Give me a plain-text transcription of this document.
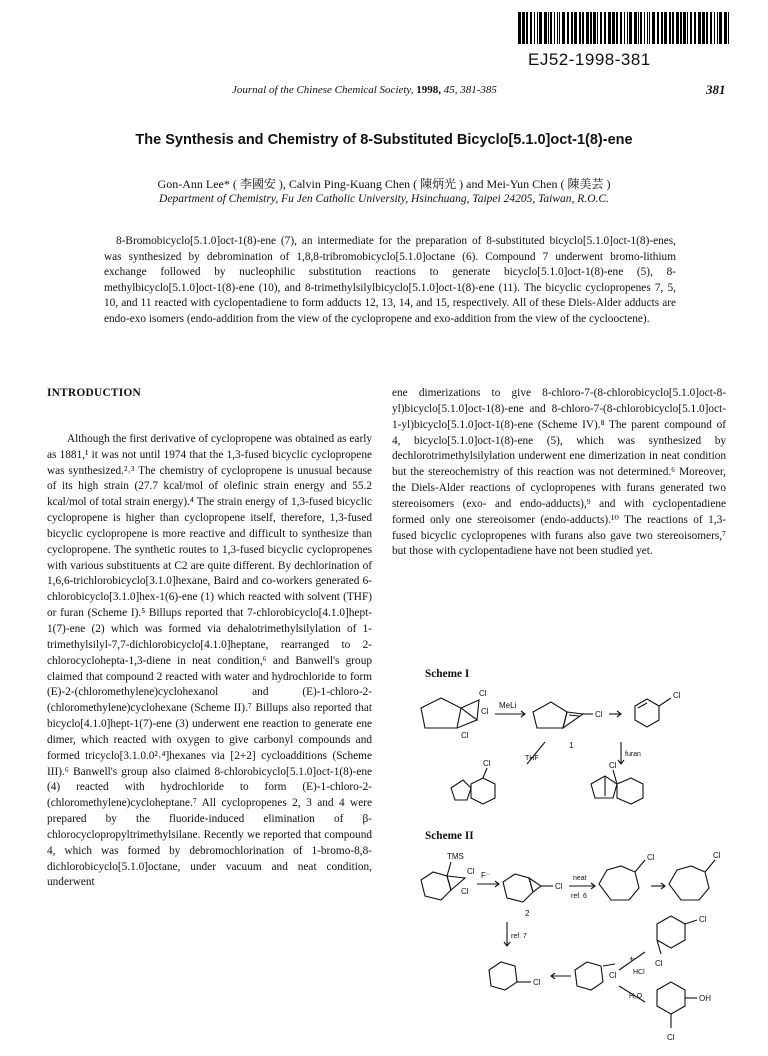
EJ52-1998-381
Journal of the Chinese Chemical Society, 1998, 45, 381-385	381
The Synthesis and Chemistry of 8-Substituted Bicyclo[5.1.0]oct-1(8)-ene
Gon-Ann Lee* ( 李國安 ), Calvin Ping-Kuang Chen ( 陳炳光 ) and Mei-Yun Chen ( 陳美芸 )
Department of Chemistry, Fu Jen Catholic University, Hsinchuang, Taipei 24205, Taiwan, R.O.C.

8-Bromobicyclo[5.1.0]oct-1(8)-ene (7), an intermediate for the preparation of 8-substituted bicyclo[5.1.0]oct-1(8)-enes, was synthesized by debromination of 1,8,8-tribromobicyclo[5.1.0]octane (6). Compound 7 underwent bromo-lithium exchange followed by nucleophilic substitution reactions to generate bicyclo[5.1.0]oct-1(8)-ene (5), 8-methylbicyclo[5.1.0]oct-1(8)-ene (10), and 8-trimethylsilylbicyclo[5.1.0]oct-1(8)-ene (11). The bicyclic cyclopropenes 7, 5, 10, and 11 reacted with cyclopentadiene to form adducts 12, 13, 14, and 15, respectively. All of these Diels-Alder adducts are endo-exo isomers (endo-addition from the view of the cyclopropene and exo-addition from the view of the cyclooctene).

INTRODUCTION

Although the first derivative of cyclopropene was obtained as early as 1881,¹ it was not until 1974 that the 1,3-fused bicyclic cyclopropene was synthesized.²˒³ The chemistry of cyclopropene is unusual because of its high strain (27.7 kcal/mol of olefinic strain energy and 55.2 kcal/mol of total strain energy).⁴ The strain energy of 1,3-fused bicyclic cyclopropene is higher than cyclopropene itself, therefore, 1,3-fused bicyclic cyclopropene is more reactive and difficult to synthesize than cyclopropene. The synthetic routes to 1,3-fused bicyclic cyclopropenes with various substituents at C2 are quite different. By dechlorination of 1,6,6-trichlorobicyclo[3.1.0]hexane, Baird and co-workers generated 6-chlorobicyclo[3.1.0]hex-1(6)-ene (1) which reacted with solvent (THF) or furan (Scheme I).⁵ Billups reported that 7-chlorobicyclo[4.1.0]hept-1(7)-ene (2) which was formed via dehalotrimethylsilylation of 1-trimethylsilyl-7,7-dichlorobicyclo[4.1.0]heptane, rearranged to 2-chlorocyclohepta-1,3-diene in neat condition,⁶ and Banwell's group claimed that compound 2 reacted with water and hydrochloride to form (E)-2-(chloromethylene)cyclohexanol and (E)-1-chloro-2-(chloromethylene)cyclohexane (Scheme II).⁷ Billups also reported that bicyclo[4.1.0]hept-1(7)-ene (3) underwent ene reaction to generate ene dimer, which reacted with oxygen to give carbonyl compounds and formed tricyclo[3.1.0.0²˒⁴]hexanes via [2+2] cycloadditions (Scheme III).⁶ Banwell's group also claimed 8-chlorobicyclo[5.1.0]oct-1(8)-ene (4) reacted with hydrochloride to form (E)-1-chloro-2-(chloromethylene)cycloheptane.⁷ All cyclopropenes 2, 3 and 4 were prepared by the fluoride-induced elimination of β-chlorocyclopropyltrimethylsilane. Recently we reported that compound 4, which was formed by debromochlorination of 1-bromo-8,8-dichlorobicyclo[5.1.0]octane, under vacuum and neat condition, underwent

ene dimerizations to give 8-chloro-7-(8-chlorobicyclo[5.1.0]oct-8-yl)bicyclo[5.1.0]oct-1(8)-ene and 8-chloro-7-(8-chlorobicyclo[5.1.0]oct-1-yl)bicyclo[5.1.0]oct-1(8)-ene (Scheme IV).⁸ The parent compound of 4, bicyclo[5.1.0]oct-1(8)-ene (5), which was synthesized by dechlorotrimethylsilylation underwent ene dimerization in neat condition but the stereochemistry of this reaction was not determined.⁶ Moreover, the Diels-Alder reactions of cyclopropenes with furans generated two stereoisomers (exo- and endo-adducts),⁹ and with cyclopentadiene formed only one stereoisomer (endo-adducts).¹⁰ The reactions of 1,3-fused bicyclic cyclopropenes with furans also gave two stereoisomers,⁷ but those with cyclopentadiene have not been studied yet.

Scheme I
Cl
Cl
Cl
MeLi
Cl
1
Cl
furan
THF
Cl	Cl
Scheme II
TMS
Cl
Cl
F⁻
Cl
2
neat
ref. 6
Cl	Cl
ref. 7
Cl
Cl
+
HCl
H₂O
Cl
Cl
OH
Cl
